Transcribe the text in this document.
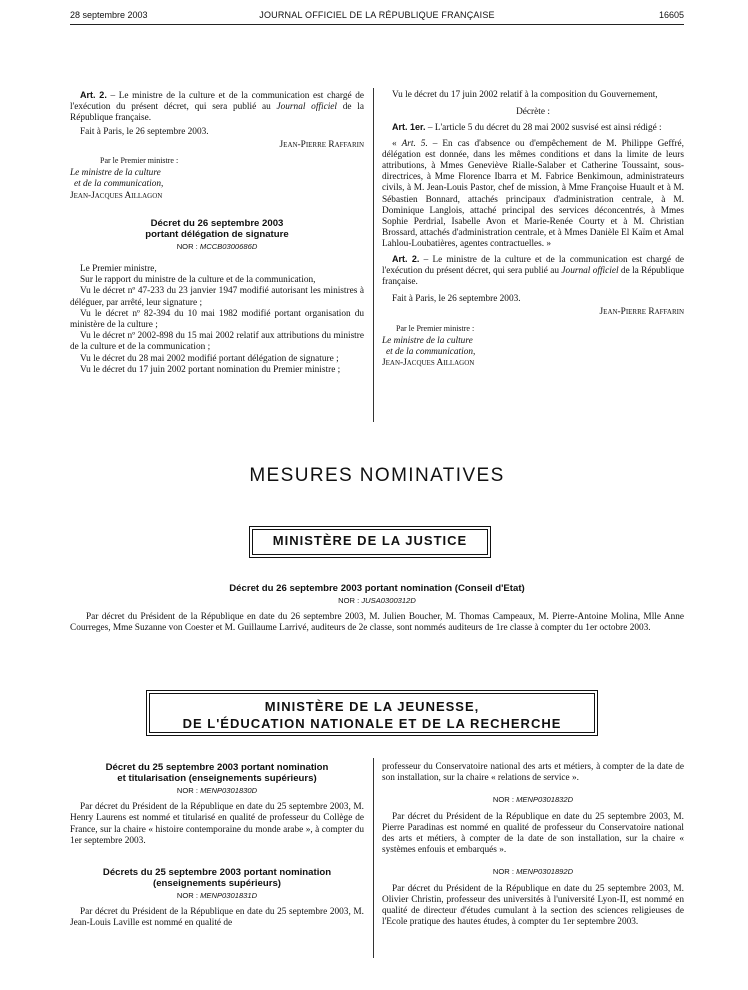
28 septembre 2003	JOURNAL OFFICIEL DE LA RÉPUBLIQUE FRANÇAISE	16605

Art. 2. – Le ministre de la culture et de la communication est chargé de l'exécution du présent décret, qui sera publié au Journal officiel de la République française.

Fait à Paris, le 26 septembre 2003.

Jean-Pierre Raffarin
Par le Premier ministre :
Le ministre de la culture
et de la communication,
Jean-Jacques Aillagon
Décret du 26 septembre 2003
portant délégation de signature
NOR : MCCB0300686D

Le Premier ministre,

Sur le rapport du ministre de la culture et de la communication,

Vu le décret nº 47-233 du 23 janvier 1947 modifié autorisant les ministres à déléguer, par arrêté, leur signature ;

Vu le décret nº 82-394 du 10 mai 1982 modifié portant organisation du ministère de la culture ;

Vu le décret nº 2002-898 du 15 mai 2002 relatif aux attributions du ministre de la culture et de la communication ;

Vu le décret du 28 mai 2002 modifié portant délégation de signature ;

Vu le décret du 17 juin 2002 portant nomination du Premier ministre ;

Vu le décret du 17 juin 2002 relatif à la composition du Gouvernement,

Décrète :

Art. 1er. – L'article 5 du décret du 28 mai 2002 susvisé est ainsi rédigé :

« Art. 5. – En cas d'absence ou d'empêchement de M. Philippe Geffré, délégation est donnée, dans les mêmes conditions et dans la limite de leurs attributions, à Mmes Geneviève Rialle-Salaber et Catherine Toussaint, sous-directrices, à Mme Florence Ibarra et M. Fabrice Benkimoun, administrateurs civils, à M. Jean-Louis Pastor, chef de mission, à Mme Françoise Huault et à M. Sébastien Bonnard, attachés principaux d'administration centrale, à M. Dominique Langlois, attaché principal des services déconcentrés, à Mmes Sophie Perdrial, Isabelle Avon et Marie-Renée Courty et à M. Christian Brossard, attachés d'administration centrale, et à Mmes Danièle El Kaïm et Amal Lahlou-Loubatières, agentes contractuelles. »

Art. 2. – Le ministre de la culture et de la communication est chargé de l'exécution du présent décret, qui sera publié au Journal officiel de la République française.

Fait à Paris, le 26 septembre 2003.

Jean-Pierre Raffarin
Par le Premier ministre :
Le ministre de la culture
et de la communication,
Jean-Jacques Aillagon
MESURES NOMINATIVES
MINISTÈRE DE LA JUSTICE
Décret du 26 septembre 2003 portant nomination (Conseil d'Etat)
NOR : JUSA0300312D

Par décret du Président de la République en date du 26 septembre 2003, M. Julien Boucher, M. Thomas Campeaux, M. Pierre-Antoine Molina, Mlle Anne Courreges, Mme Suzanne von Coester et M. Guillaume Larrivé, auditeurs de 2e classe, sont nommés auditeurs de 1re classe à compter du 1er octobre 2003.

MINISTÈRE DE LA JEUNESSE,
DE L'ÉDUCATION NATIONALE ET DE LA RECHERCHE
Décret du 25 septembre 2003 portant nomination
et titularisation (enseignements supérieurs)
NOR : MENP0301830D

Par décret du Président de la République en date du 25 septembre 2003, M. Henry Laurens est nommé et titularisé en qualité de professeur du Collège de France, sur la chaire « histoire contemporaine du monde arabe », à compter du 1er septembre 2003.

Décrets du 25 septembre 2003 portant nomination
(enseignements supérieurs)
NOR : MENP0301831D

Par décret du Président de la République en date du 25 septembre 2003, M. Jean-Louis Laville est nommé en qualité de

professeur du Conservatoire national des arts et métiers, à compter de la date de son installation, sur la chaire « relations de service ».

NOR : MENP0301832D

Par décret du Président de la République en date du 25 septembre 2003, M. Pierre Paradinas est nommé en qualité de professeur du Conservatoire national des arts et métiers, à compter de la date de son installation, sur la chaire « systèmes enfouis et embarqués ».

NOR : MENP0301892D

Par décret du Président de la République en date du 25 septembre 2003, M. Olivier Christin, professeur des universités à l'université Lyon-II, est nommé en qualité de directeur d'études cumulant à la section des sciences religieuses de l'Ecole pratique des hautes études, à compter du 1er septembre 2003.
